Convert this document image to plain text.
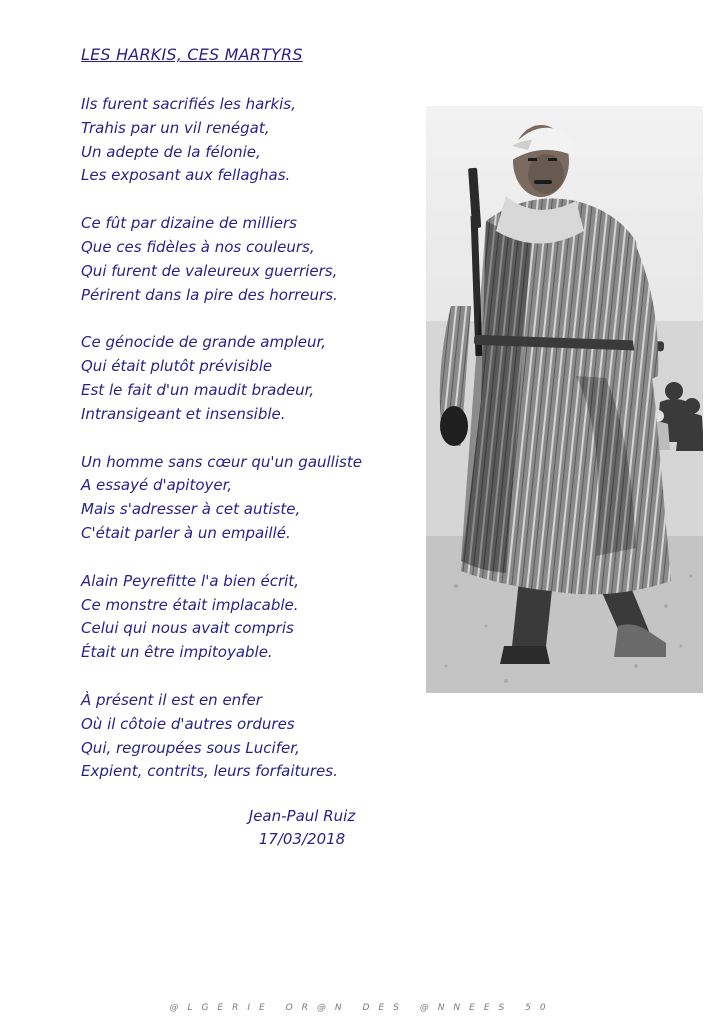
LES HARKIS, CES MARTYRS
Ils furent sacrifiés les harkis,
Trahis par un vil renégat,
Un adepte de la félonie,
Les exposant aux fellaghas.
Ce fût par dizaine de milliers
Que ces fidèles à nos couleurs,
Qui furent de valeureux guerriers,
Périrent dans la pire des horreurs.
Ce génocide de grande ampleur,
Qui était plutôt prévisible
Est le fait d'un maudit bradeur,
Intransigeant et insensible.
Un homme sans cœur qu'un gaulliste
A essayé d'apitoyer,
Mais s'adresser à cet autiste,
C'était parler à un empaillé.
Alain Peyrefitte l'a bien écrit,
Ce monstre était implacable.
Celui qui nous avait compris
Était un être impitoyable.
À présent il est en enfer
Où il côtoie d'autres ordures
Qui, regroupées sous Lucifer,
Expient, contrits, leurs forfaitures.
Jean-Paul Ruiz
17/03/2018
@LGERIE OR@N DES @NNEES 50
